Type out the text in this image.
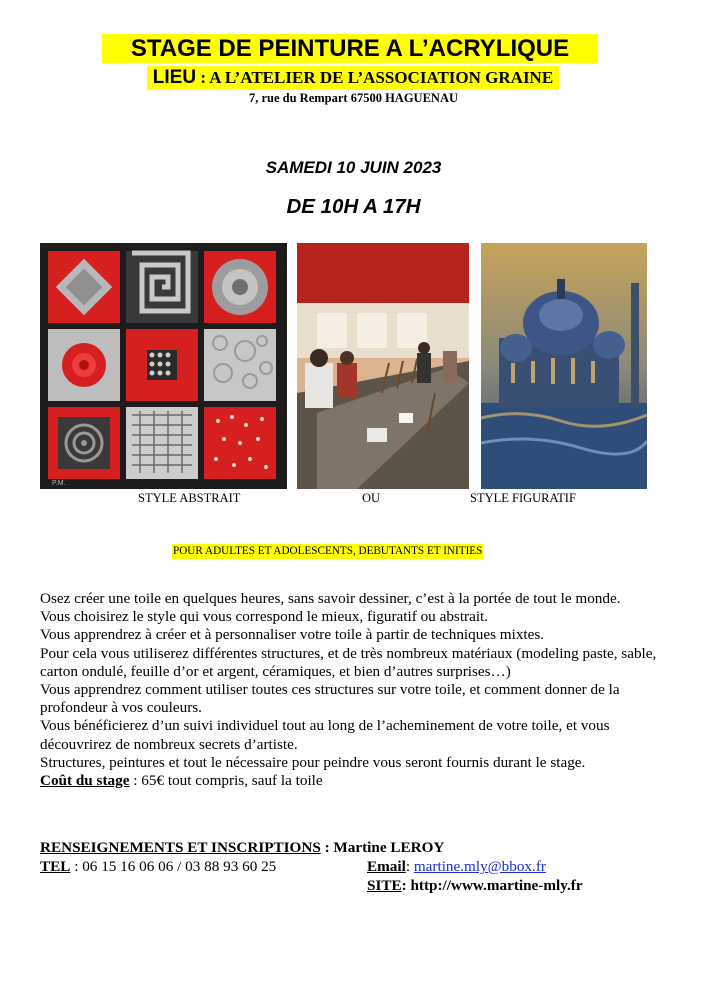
STAGE DE PEINTURE A L’ACRYLIQUE
LIEU : A L’ATELIER DE L’ASSOCIATION GRAINE
7, rue du Rempart 67500 HAGUENAU
SAMEDI 10 JUIN 2023
DE 10H A 17H
P.M.
STYLE ABSTRAIT	OU	STYLE FIGURATIF
POUR ADULTES ET ADOLESCENTS, DEBUTANTS ET INITIES

Osez créer une toile en quelques heures, sans savoir dessiner, c’est à la portée de tout le monde.

Vous choisirez le style qui vous correspond le mieux, figuratif ou abstrait.

Vous apprendrez à créer et à personnaliser votre toile à partir de techniques mixtes.

Pour cela vous utiliserez différentes structures, et de très nombreux matériaux (modeling paste, sable, carton ondulé, feuille d’or et argent, céramiques, et bien d’autres surprises…)

Vous apprendrez comment utiliser toutes ces structures sur votre toile, et comment donner de la profondeur à vos couleurs.

Vous bénéficierez d’un suivi individuel tout au long de l’acheminement de votre toile, et vous découvrirez de nombreux secrets d’artiste.

Structures, peintures et tout le nécessaire pour peindre vous seront fournis durant le stage.

Coût du stage : 65€ tout compris, sauf la toile

RENSEIGNEMENTS ET INSCRIPTIONS : Martine LEROY
TEL : 06 15 16 06 06 / 03 88 93 60 25	Email: martine.mly@bbox.fr
SITE: http://www.martine-mly.fr
